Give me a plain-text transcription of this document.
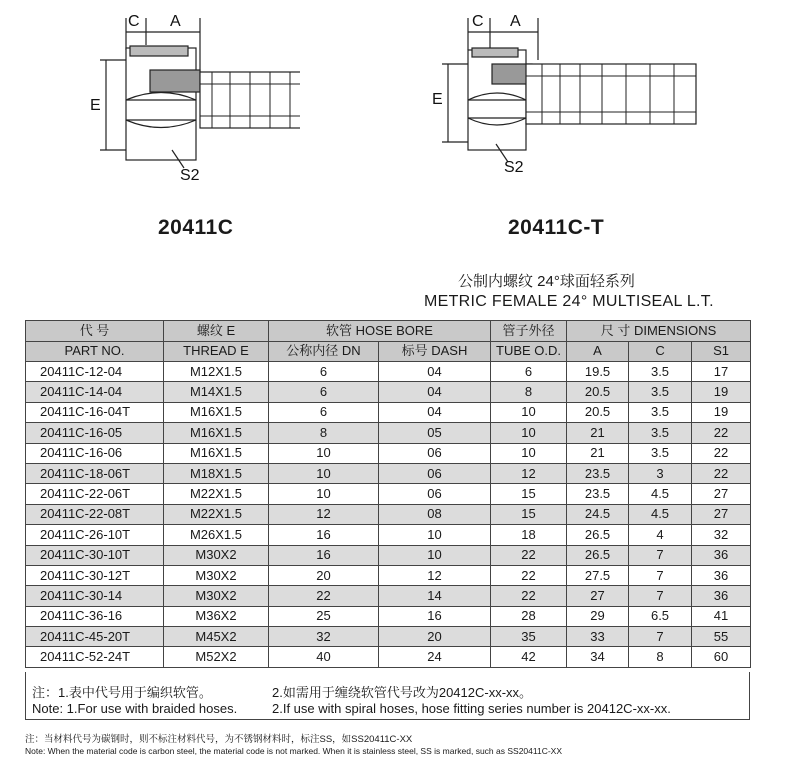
C A
E
S2
C A
E
S2
20411C	20411C-T
公制内螺纹 24°球面轻系列
METRIC FEMALE 24° MULTISEAL L.T.
代 号	螺纹 E	软管 HOSE BORE		管子外径	尺 寸 DIMENSIONS		
PART NO.	THREAD E	公称内径 DN	标号 DASH	TUBE O.D.	A	C	S1
20411C-12-04	M12X1.5	6	04	6	19.5	3.5	17
20411C-14-04	M14X1.5	6	04	8	20.5	3.5	19
20411C-16-04T	M16X1.5	6	04	10	20.5	3.5	19
20411C-16-05	M16X1.5	8	05	10	21	3.5	22
20411C-16-06	M16X1.5	10	06	10	21	3.5	22
20411C-18-06T	M18X1.5	10	06	12	23.5	3	22
20411C-22-06T	M22X1.5	10	06	15	23.5	4.5	27
20411C-22-08T	M22X1.5	12	08	15	24.5	4.5	27
20411C-26-10T	M26X1.5	16	10	18	26.5	4	32
20411C-30-10T	M30X2	16	10	22	26.5	7	36
20411C-30-12T	M30X2	20	12	22	27.5	7	36
20411C-30-14	M30X2	22	14	22	27	7	36
20411C-36-16	M36X2	25	16	28	29	6.5	41
20411C-45-20T	M45X2	32	20	35	33	7	55
20411C-52-24T	M52X2	40	24	42	34	8	60
注：1.表中代号用于编织软管。	2.如需用于缠绕软管代号改为20412C-xx-xx。
Note: 1.For use with braided hoses.	2.If use with spiral hoses, hose fitting series number is 20412C-xx-xx.
注：当材料代号为碳钢时，则不标注材料代号，为不锈钢材料时，标注SS，如SS20411C-XX
Note: When the material code is carbon steel, the material code is not marked. When it is stainless steel, SS is marked, such as SS20411C-XX
